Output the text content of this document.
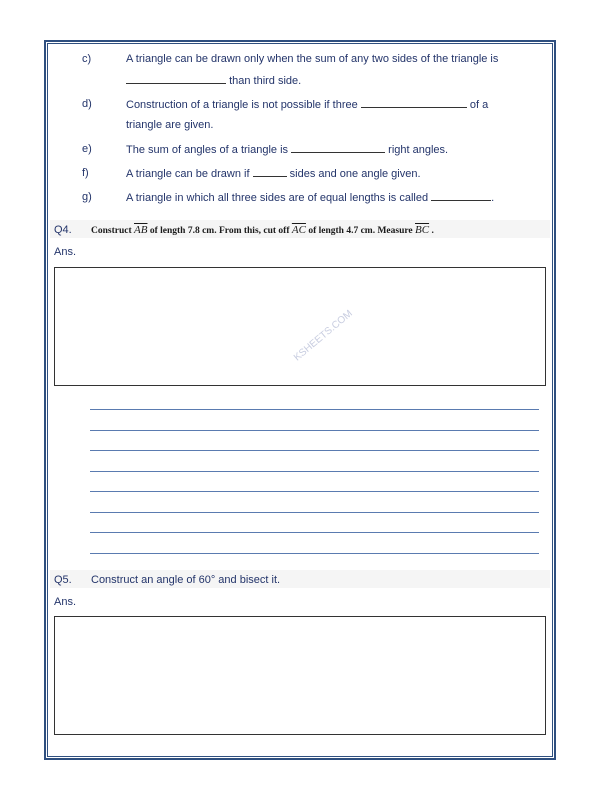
c)	A triangle can be drawn only when the sum of any two sides of the triangle is
than third side.
d)	Construction of a triangle is not possible if three	of a
triangle are given.
e)	The sum of angles of a triangle is	right angles.
f)	A triangle can be drawn if	sides and one angle given.
g)	A triangle in which all three sides are of equal lengths is called	.
Q4. Construct $\overline{AB}$ of length 7.8 cm. From this, cut off $\overline{AC}$ of length 4.7 cm. Measure $\overline{BC}$ .
Ans.
Q5. Construct an angle of 60° and bisect it.
Ans.
KSHEETS.COM
